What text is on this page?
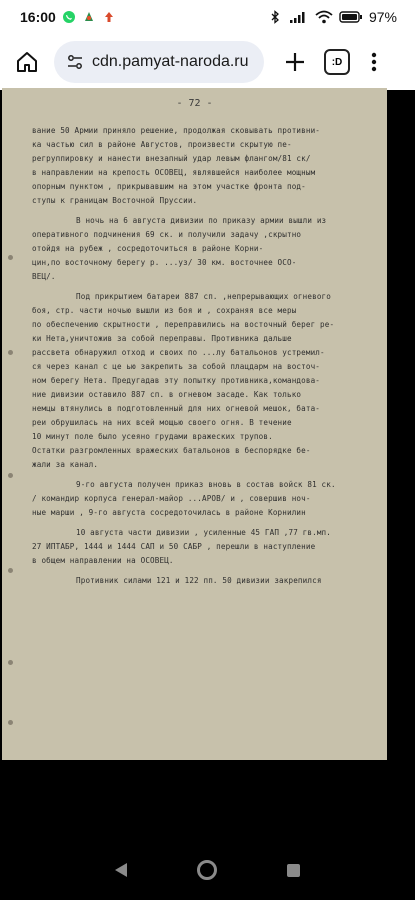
16:00	97%
cdn.pamyat-naroda.ru	:D
- 72 -
вание 50 Армии приняло решение, продолжая сковывать противни-
ка частью сил в районе Августов, произвести скрытую пе-
регруппировку и нанести внезапный удар левым флангом/81 ск/
в направлении на крепость ОСОВЕЦ, являвшейся наиболее мощным
опорным пунктом , прикрывавшим на этом участке фронта под-
ступы к границам Восточной Пруссии.
В ночь на 6 августа дивизии по приказу армии вышли из
оперативного подчинения 69 ск. и получили задачу ,скрытно
отойдя на рубеж , сосредоточиться в районе Корни-
цин,по восточному берегу р. ...уз/ 30 км. восточнее ОСО-
ВЕЦ/.
Под прикрытием батареи 887 сп. ,непрерывающих огневого
боя, стр. части ночью вышли из боя и , сохраняя все меры
по обеспечению скрытности , переправились на восточный берег ре-
ки Нета,уничтожив за собой переправы. Противника дальше
рассвета обнаружил отход и своих по ...лу батальонов устремил-
ся через канал с це ью закрепить за собой плацдарм на восточ-
ном берегу Нета. Предугадав эту попытку противника,командова-
ние дивизии оставило 887 сп. в огневом засаде. Как только
немцы втянулись в подготовленный для них огневой мешок, бата-
реи обрушилась на них всей мощью своего огня. В течение
10 минут поле было усеяно грудами вражеских трупов.
Остатки разгромленных вражеских батальонов в беспорядке бе-
жали за канал.
9-го августа получен приказ вновь в состав войск 81 ск.
/ командир корпуса генерал-майор ...АРОВ/ и , совершив ноч-
ные марши , 9-го августа сосредоточилась в районе Корнилин
10 августа части дивизии , усиленные 45 ГАП ,77 гв.мп.
27 ИПТАБР, 1444 и 1444 САП и 50 САБР , перешли в наступление
в общем направлении на ОСОВЕЦ.
Противник силами 121 и 122 пп. 50 дивизии закрепился
